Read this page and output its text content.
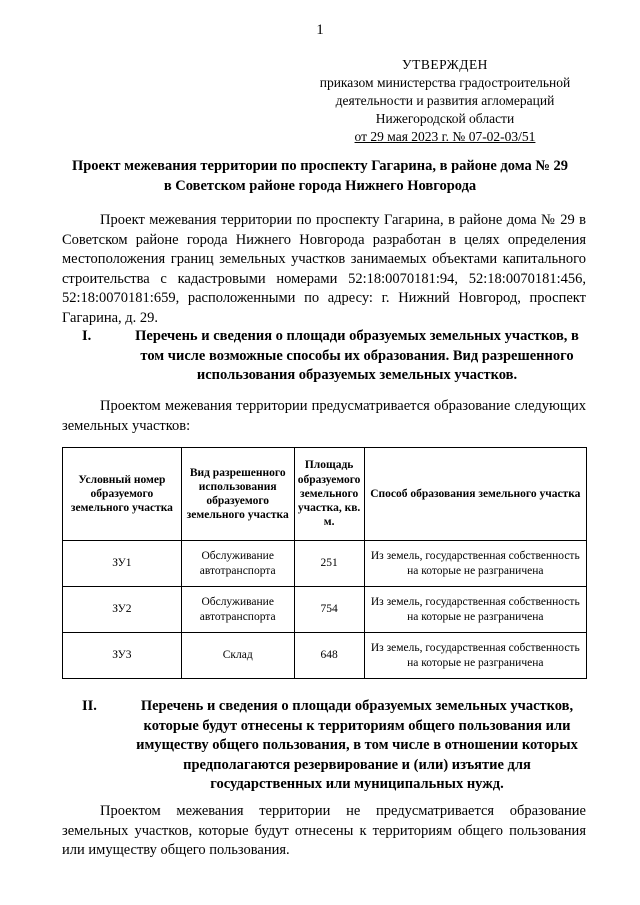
1
УТВЕРЖДЕН
приказом министерства градостроительной
деятельности и развития агломераций
Нижегородской области
от 29 мая 2023 г. № 07-02-03/51
Проект межевания территории по проспекту Гагарина, в районе дома № 29
в Советском районе города Нижнего Новгорода
Проект межевания территории по проспекту Гагарина, в районе дома № 29 в Советском районе города Нижнего Новгорода разработан в целях определения местоположения границ земельных участков занимаемых объектами капитального строительства с кадастровыми номерами 52:18:0070181:94, 52:18:0070181:456, 52:18:0070181:659, расположенными по адресу: г. Нижний Новгород, проспект Гагарина, д. 29.
I.	Перечень и сведения о площади образуемых земельных участков, в том числе возможные способы их образования. Вид разрешенного использования образуемых земельных участков.
Проектом межевания территории предусматривается образование следующих земельных участков:
Условный номер образуемого земельного участка	Вид разрешенного использования образуемого земельного участка	Площадь образуемого земельного участка, кв. м.	Способ образования земельного участка
ЗУ1	Обслуживание автотранспорта	251	Из земель, государственная собственность на которые не разграничена
ЗУ2	Обслуживание автотранспорта	754	Из земель, государственная собственность на которые не разграничена
ЗУ3	Склад	648	Из земель, государственная собственность на которые не разграничена
II.	Перечень и сведения о площади образуемых земельных участков, которые будут отнесены к территориям общего пользования или имуществу общего пользования, в том числе в отношении которых предполагаются резервирование и (или) изъятие для государственных или муниципальных нужд.
Проектом межевания территории не предусматривается образование земельных участков, которые будут отнесены к территориям общего пользования или имуществу общего пользования.
